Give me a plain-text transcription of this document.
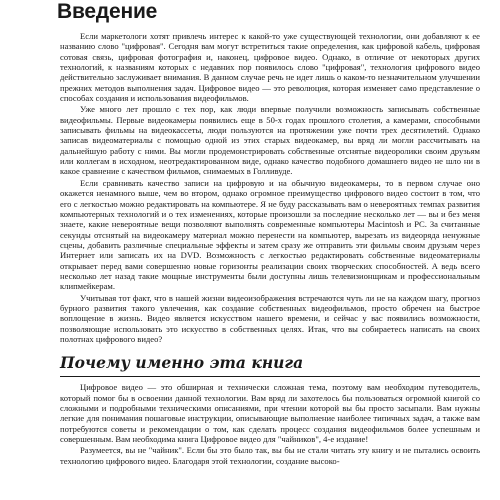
Введение

Если маркетологи хотят привлечь интерес к какой-то уже существующей технологии, они добавляют к ее названию слово "цифровая". Сегодня вам могут встретиться такие определения, как цифровой кабель, цифровая сотовая связь, цифровая фотография и, наконец, цифровое видео. Однако, в отличие от некоторых других технологий, к названиям которых с недавних пор появилось слово "цифровая", технология цифрового видео действительно заслуживает внимания. В данном случае речь не идет лишь о каком-то незначительном улучшении прежних методов выполнения задач. Цифровое видео — это революция, которая изменяет само представление о способах создания и использования видеофильмов.

Уже много лет прошло с тех пор, как люди впервые получили возможность записывать собственные видеофильмы. Первые видеокамеры появились еще в 50-х годах прошлого столетия, а камерами, способными записывать фильмы на видеокассеты, люди пользуются на протяжении уже почти трех десятилетий. Однако записав видеоматериалы с помощью одной из этих старых видеокамер, вы вряд ли могли рассчитывать на дальнейшую работу с ними. Вы могли продемонстрировать собственные отснятые видеоролики своим друзьям или коллегам в исходном, неотредактированном виде, однако качество подобного домашнего видео не шло ни в какое сравнение с качеством фильмов, снимаемых в Голливуде.

Если сравнивать качество записи на цифровую и на обычную видеокамеры, то в первом случае оно окажется ненамного выше, чем во втором, однако огромное преимущество цифрового видео состоит в том, что его с легкостью можно редактировать на компьютере. Я не буду рассказывать вам о невероятных темпах развития компьютерных технологий и о тех изменениях, которые произошли за последние несколько лет — вы и без меня знаете, какие невероятные вещи позволяют выполнять современные компьютеры Macintosh и PC. За считанные секунды отснятый на видеокамеру материал можно перенести на компьютер, вырезать из видеоряда ненужные сцены, добавить различные специальные эффекты и затем сразу же отправить эти фильмы своим друзьям через Интернет или записать их на DVD. Возможность с легкостью редактировать собственные видеоматериалы открывает перед вами совершенно новые горизонты реализации своих творческих способностей. А ведь всего несколько лет назад такие мощные инструменты были доступны лишь телевизионщикам и профессиональным клипмейкерам.

Учитывая тот факт, что в нашей жизни видеоизображения встречаются чуть ли не на каждом шагу, прогноз бурного развития такого увлечения, как создание собственных видеофильмов, просто обречен на быстрое воплощение в жизнь. Видео является искусством нашего времени, и сейчас у вас появились возможности, позволяющие использовать это искусство в собственных целях. Итак, что вы собираетесь написать на своих полотнах цифрового видео?

Почему именно эта книга

Цифровое видео — это обширная и технически сложная тема, поэтому вам необходим путеводитель, который помог бы в освоении данной технологии. Вам вряд ли захотелось бы пользоваться огромной книгой со сложными и подробными техническими описаниями, при чтении которой вы бы просто засыпали. Вам нужны легкие для понимания пошаговые инструкции, описывающие выполнение наиболее типичных задач, а также вам потребуются советы и рекомендации о том, как сделать процесс создания видеофильмов более успешным и совершенным. Вам необходима книга Цифровое видео для "чайников", 4-е издание!

Разумеется, вы не "чайник". Если бы это было так, вы бы не стали читать эту книгу и не пытались освоить технологию цифрового видео. Благодаря этой технологии, создание высоко-
